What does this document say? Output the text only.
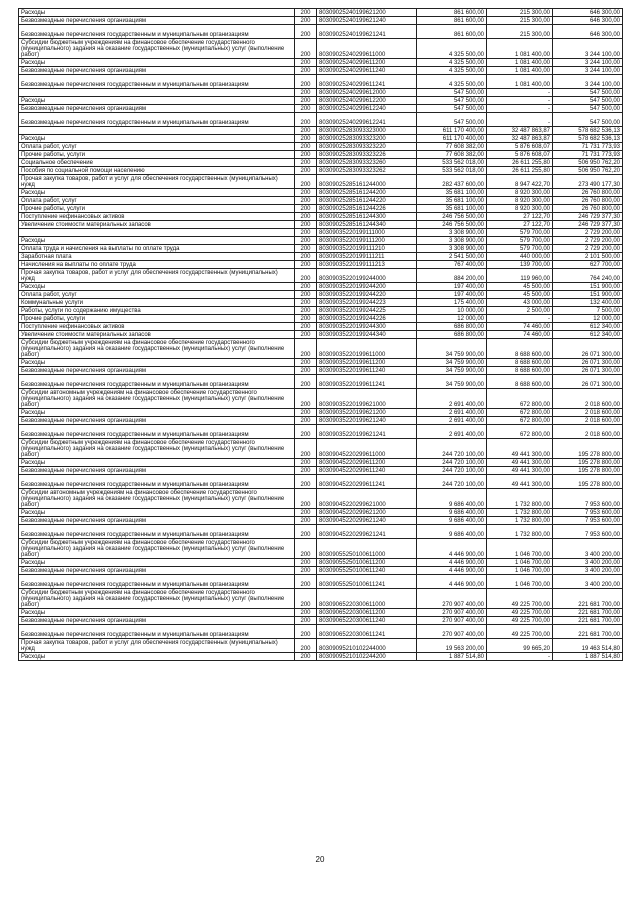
Расходы	200	80309025240199621200	861 600,00	215 300,00	646 300,00
Безвозмездные перечисления организациям	200	80309025240199621240	861 600,00	215 300,00	646 300,00
Безвозмездные перечисления государственным и муниципальным организациям	200	80309025240199621241	861 600,00	215 300,00	646 300,00
Субсидии бюджетным учреждениям на финансовое обеспечение государственного (муниципального) задания на оказание государственных (муниципальных) услуг (выполнение работ)	200	80309025240299611000	4 325 500,00	1 081 400,00	3 244 100,00
Расходы	200	80309025240299611200	4 325 500,00	1 081 400,00	3 244 100,00
Безвозмездные перечисления организациям	200	80309025240299611240	4 325 500,00	1 081 400,00	3 244 100,00
Безвозмездные перечисления государственным и муниципальным организациям	200	80309025240299611241	4 325 500,00	1 081 400,00	3 244 100,00
	200	80309025240299612000	547 500,00	-	547 500,00
Расходы	200	80309025240299612200	547 500,00	-	547 500,00
Безвозмездные перечисления организациям	200	80309025240299612240	547 500,00	-	547 500,00
Безвозмездные перечисления государственным и муниципальным организациям	200	80309025240299612241	547 500,00	-	547 500,00
	200	80309025283093323000	611 170 400,00	32 487 863,87	578 682 536,13
Расходы	200	80309025283093323200	611 170 400,00	32 487 863,87	578 682 536,13
Оплата работ, услуг	200	80309025283093323220	77 608 382,00	5 876 608,07	71 731 773,93
Прочие работы, услуги	200	80309025283093323226	77 608 382,00	5 876 608,07	71 731 773,93
Социальное обеспечение	200	80309025283093323260	533 562 018,00	26 611 255,80	506 950 762,20
Пособия по социальной помощи населению	200	80309025283093323262	533 562 018,00	26 611 255,80	506 950 762,20
Прочая закупка товаров, работ и услуг для обеспечения государственных (муниципальных) нужд	200	80309025285161244000	282 437 600,00	8 947 422,70	273 490 177,30
Расходы	200	80309025285161244200	35 681 100,00	8 920 300,00	26 760 800,00
Оплата работ, услуг	200	80309025285161244220	35 681 100,00	8 920 300,00	26 760 800,00
Прочие работы, услуги	200	80309025285161244226	35 681 100,00	8 920 300,00	26 760 800,00
Поступление нефинансовых активов	200	80309025285161244300	246 756 500,00	27 122,70	246 729 377,30
Увеличение стоимости материальных запасов	200	80309025285161244340	246 756 500,00	27 122,70	246 729 377,30
	200	80309035220199111000	3 308 900,00	579 700,00	2 729 200,00
Расходы	200	80309035220199111200	3 308 900,00	579 700,00	2 729 200,00
Оплата труда и начисления на выплаты по оплате труда	200	80309035220199111210	3 308 900,00	579 700,00	2 729 200,00
Заработная плата	200	80309035220199111211	2 541 500,00	440 000,00	2 101 500,00
Начисления на выплаты по оплате труда	200	80309035220199111213	767 400,00	139 700,00	627 700,00
Прочая закупка товаров, работ и услуг для обеспечения государственных (муниципальных) нужд	200	80309035220199244000	884 200,00	119 960,00	764 240,00
Расходы	200	80309035220199244200	197 400,00	45 500,00	151 900,00
Оплата работ, услуг	200	80309035220199244220	197 400,00	45 500,00	151 900,00
Коммунальные услуги	200	80309035220199244223	175 400,00	43 000,00	132 400,00
Работы, услуги по содержанию имущества	200	80309035220199244225	10 000,00	2 500,00	7 500,00
Прочие работы, услуги	200	80309035220199244226	12 000,00	-	12 000,00
Поступление нефинансовых активов	200	80309035220199244300	686 800,00	74 460,00	612 340,00
Увеличение стоимости материальных запасов	200	80309035220199244340	686 800,00	74 460,00	612 340,00
Субсидии бюджетным учреждениям на финансовое обеспечение государственного (муниципального) задания на оказание государственных (муниципальных) услуг (выполнение работ)	200	80309035220199611000	34 759 900,00	8 688 600,00	26 071 300,00
Расходы	200	80309035220199611200	34 759 900,00	8 688 600,00	26 071 300,00
Безвозмездные перечисления организациям	200	80309035220199611240	34 759 900,00	8 688 600,00	26 071 300,00
Безвозмездные перечисления государственным и муниципальным организациям	200	80309035220199611241	34 759 900,00	8 688 600,00	26 071 300,00
Субсидии автономным учреждениям на финансовое обеспечение государственного (муниципального) задания на оказание государственных (муниципальных) услуг (выполнение работ)	200	80309035220199621000	2 691 400,00	672 800,00	2 018 600,00
Расходы	200	80309035220199621200	2 691 400,00	672 800,00	2 018 600,00
Безвозмездные перечисления организациям	200	80309035220199621240	2 691 400,00	672 800,00	2 018 600,00
Безвозмездные перечисления государственным и муниципальным организациям	200	80309035220199621241	2 691 400,00	672 800,00	2 018 600,00
Субсидии бюджетным учреждениям на финансовое обеспечение государственного (муниципального) задания на оказание государственных (муниципальных) услуг (выполнение работ)	200	80309045220299611000	244 720 100,00	49 441 300,00	195 278 800,00
Расходы	200	80309045220299611200	244 720 100,00	49 441 300,00	195 278 800,00
Безвозмездные перечисления организациям	200	80309045220299611240	244 720 100,00	49 441 300,00	195 278 800,00
Безвозмездные перечисления государственным и муниципальным организациям	200	80309045220299611241	244 720 100,00	49 441 300,00	195 278 800,00
Субсидии автономным учреждениям на финансовое обеспечение государственного (муниципального) задания на оказание государственных (муниципальных) услуг (выполнение работ)	200	80309045220299621000	9 686 400,00	1 732 800,00	7 953 600,00
Расходы	200	80309045220299621200	9 686 400,00	1 732 800,00	7 953 600,00
Безвозмездные перечисления организациям	200	80309045220299621240	9 686 400,00	1 732 800,00	7 953 600,00
Безвозмездные перечисления государственным и муниципальным организациям	200	80309045220299621241	9 686 400,00	1 732 800,00	7 953 600,00
Субсидии бюджетным учреждениям на финансовое обеспечение государственного (муниципального) задания на оказание государственных (муниципальных) услуг (выполнение работ)	200	80309055250100611000	4 446 900,00	1 046 700,00	3 400 200,00
Расходы	200	80309055250100611200	4 446 900,00	1 046 700,00	3 400 200,00
Безвозмездные перечисления организациям	200	80309055250100611240	4 446 900,00	1 046 700,00	3 400 200,00
Безвозмездные перечисления государственным и муниципальным организациям	200	80309055250100611241	4 446 900,00	1 046 700,00	3 400 200,00
Субсидии бюджетным учреждениям на финансовое обеспечение государственного (муниципального) задания на оказание государственных (муниципальных) услуг (выполнение работ)	200	80309065220300611000	270 907 400,00	49 225 700,00	221 681 700,00
Расходы	200	80309065220300611200	270 907 400,00	49 225 700,00	221 681 700,00
Безвозмездные перечисления организациям	200	80309065220300611240	270 907 400,00	49 225 700,00	221 681 700,00
Безвозмездные перечисления государственным и муниципальным организациям	200	80309065220300611241	270 907 400,00	49 225 700,00	221 681 700,00
Прочая закупка товаров, работ и услуг для обеспечения государственных (муниципальных) нужд	200	80309095210102244000	19 563 200,00	99 665,20	19 463 514,80
Расходы	200	80309095210102244200	1 887 514,80	-	1 887 514,80
20
